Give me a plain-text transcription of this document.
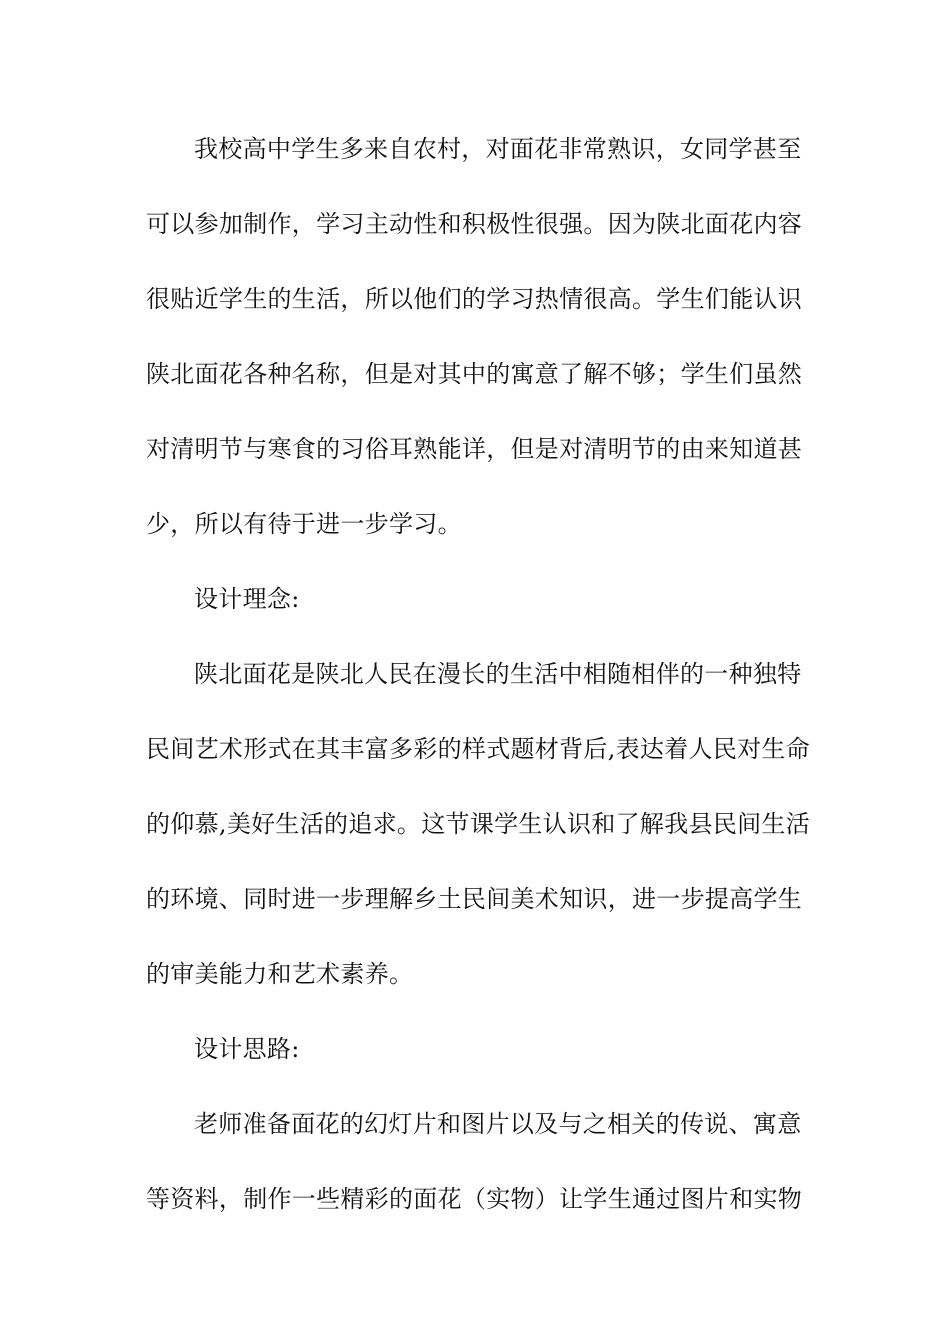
我校高中学生多来自农村，对面花非常熟识，女同学甚至
可以参加制作，学习主动性和积极性很强。因为陕北面花内容
很贴近学生的生活，所以他们的学习热情很高。学生们能认识
陕北面花各种名称，但是对其中的寓意了解不够；学生们虽然
对清明节与寒食的习俗耳熟能详，但是对清明节的由来知道甚
少，所以有待于进一步学习。

设计理念:

陕北面花是陕北人民在漫长的生活中相随相伴的一种独特
民间艺术形式在其丰富多彩的样式题材背后,表达着人民对生命
的仰慕,美好生活的追求。这节课学生认识和了解我县民间生活
的环境、同时进一步理解乡土民间美术知识，进一步提高学生
的审美能力和艺术素养。

设计思路:

老师准备面花的幻灯片和图片以及与之相关的传说、寓意
等资料，制作一些精彩的面花（实物）让学生通过图片和实物
